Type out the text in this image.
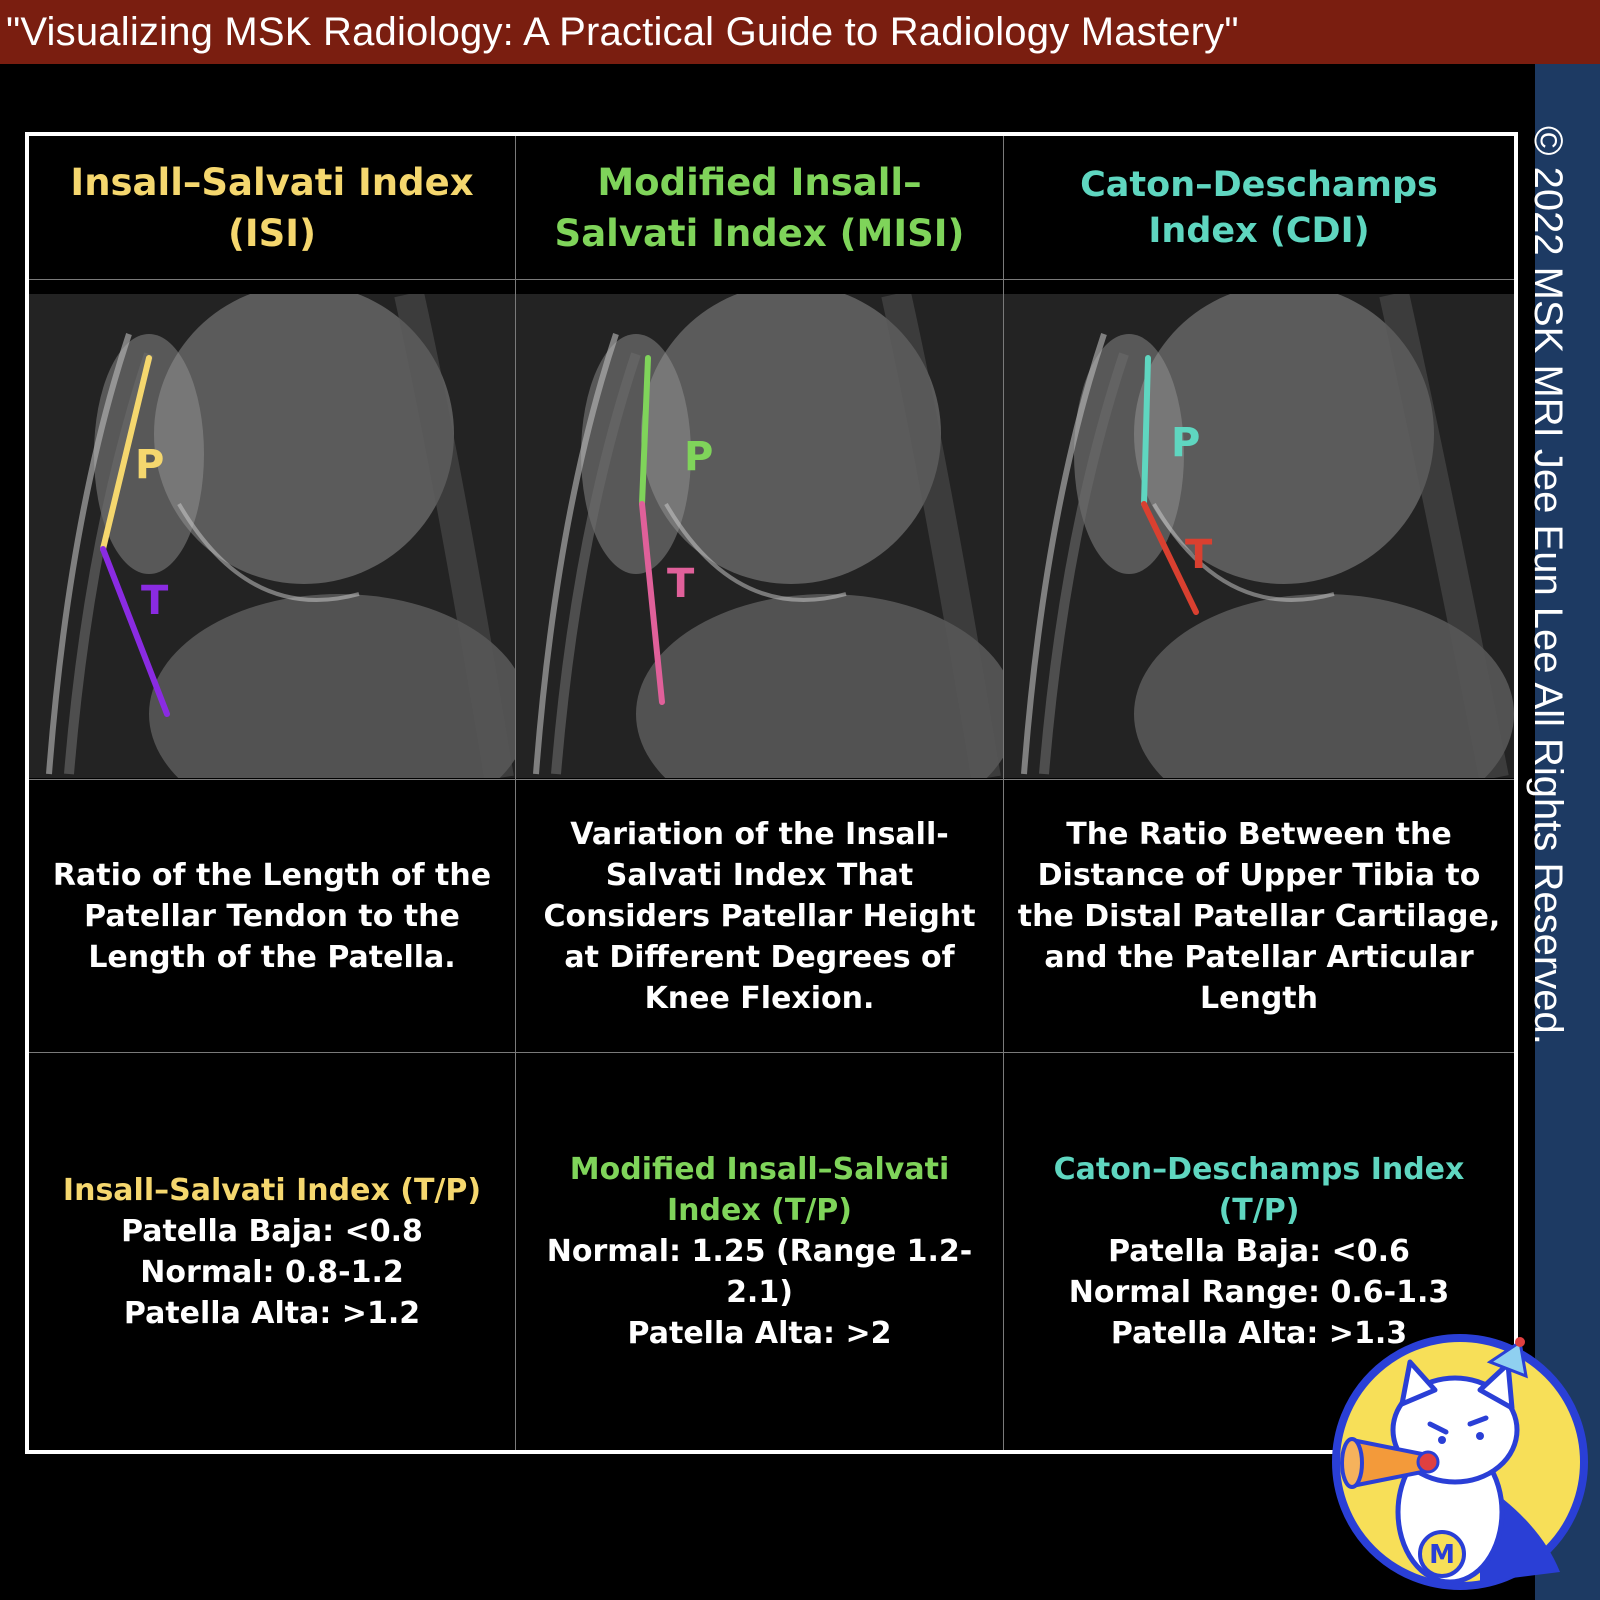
"Visualizing MSK Radiology: A Practical Guide to Radiology Mastery"
© 2022 MSK MRI Jee Eun Lee All Rights Reserved.
Insall–Salvati Index (ISI)
Modified Insall–Salvati Index (MISI)
Caton–Deschamps Index (CDI)
P
T
P
T
P
T
Ratio of the Length of the Patellar Tendon to the Length of the Patella.
Variation of the Insall-Salvati Index That Considers Patellar Height at Different Degrees of Knee Flexion.
The Ratio Between the Distance of Upper Tibia to the Distal Patellar Cartilage, and the Patellar Articular Length
Insall–Salvati Index (T/P)
Patella Baja: <0.8
Normal: 0.8-1.2
Patella Alta: >1.2
Modified Insall–Salvati Index (T/P)
Normal: 1.25 (Range 1.2-2.1)
Patella Alta: >2
Caton–Deschamps Index (T/P)
Patella Baja: <0.6
Normal Range: 0.6-1.3
Patella Alta: >1.3
M
